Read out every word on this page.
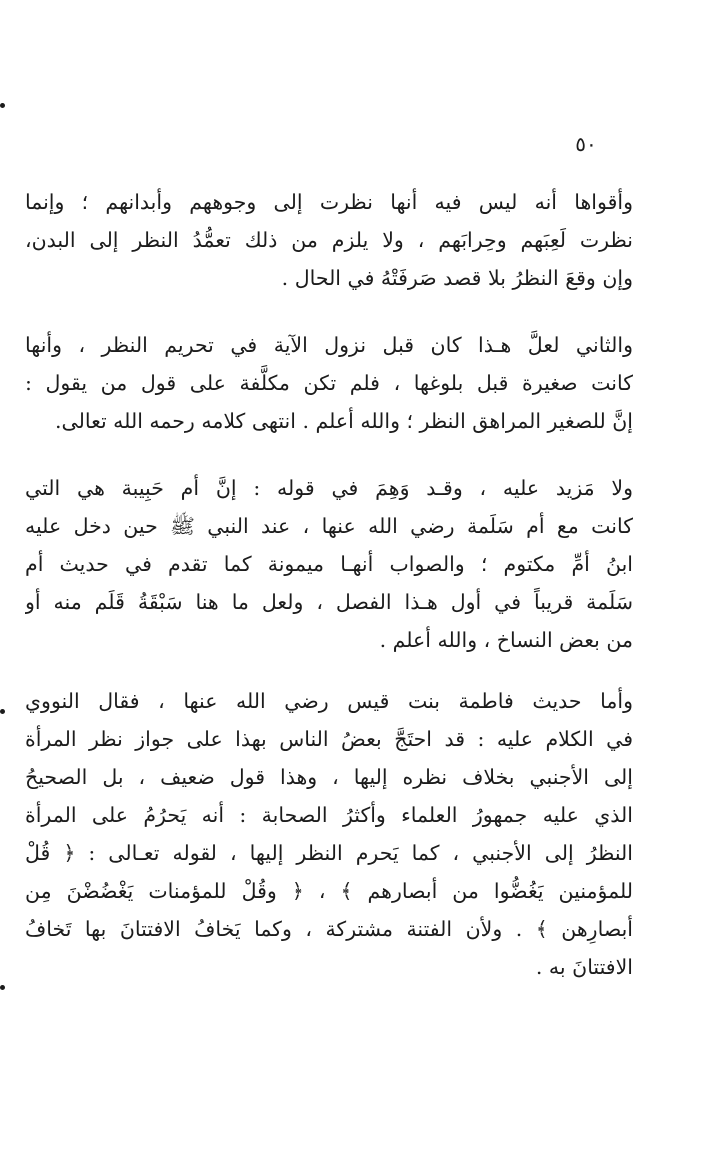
٥٠
وأقواها أنه ليس فيه أنها نظرت إلى وجوههم وأبدانهم ؛ وإنما
نظرت لَعِبَهم وحِرابَهم ، ولا يلزم من ذلك تعمُّدُ النظر إلى البدن،
وإن وقعَ النظرُ بلا قصد صَرفَتْهُ في الحال .
والثاني لعلَّ هـذا كان قبل نزول الآية في تحريم النظر ، وأنها
كانت صغيرة قبل بلوغها ، فلم تكن مكلَّفة على قول من يقول :
إنَّ للصغير المراهق النظر ؛ والله أعلم . انتهى كلامه رحمه الله تعالى.
ولا مَزيد عليه ، وقـد وَهِمَ في قوله : إنَّ أم حَبِيبة هي التي
كانت مع أم سَلَمة رضي الله عنها ، عند النبي ﷺ حين دخل عليه
ابنُ أمِّ مكتوم ؛ والصواب أنهـا ميمونة كما تقدم في حديث أم
سَلَمة قريباً في أول هـذا الفصل ، ولعل ما هنا سَبْقَةُ قَلَم منه أو
من بعض النساخ ، والله أعلم .
وأما حديث فاطمة بنت قيس رضي الله عنها ، فقال النووي
في الكلام عليه : قد احتَجَّ بعضُ الناس بهذا على جواز نظر المرأة
إلى الأجنبي بخلاف نظره إليها ، وهذا قول ضعيف ، بل الصحيحُ
الذي عليه جمهورُ العلماء وأكثرُ الصحابة : أنه يَحرُمُ على المرأة
النظرُ إلى الأجنبي ، كما يَحرم النظر إليها ، لقوله تعـالى : ﴿ قُلْ
للمؤمنين يَغُضُّوا من أبصارهم ﴾ ، ﴿ وقُلْ للمؤمنات يَغْضُضْنَ مِن
أبصارِهن ﴾ . ولأن الفتنة مشتركة ، وكما يَخافُ الافتتانَ بها تَخافُ
الافتتانَ به .
